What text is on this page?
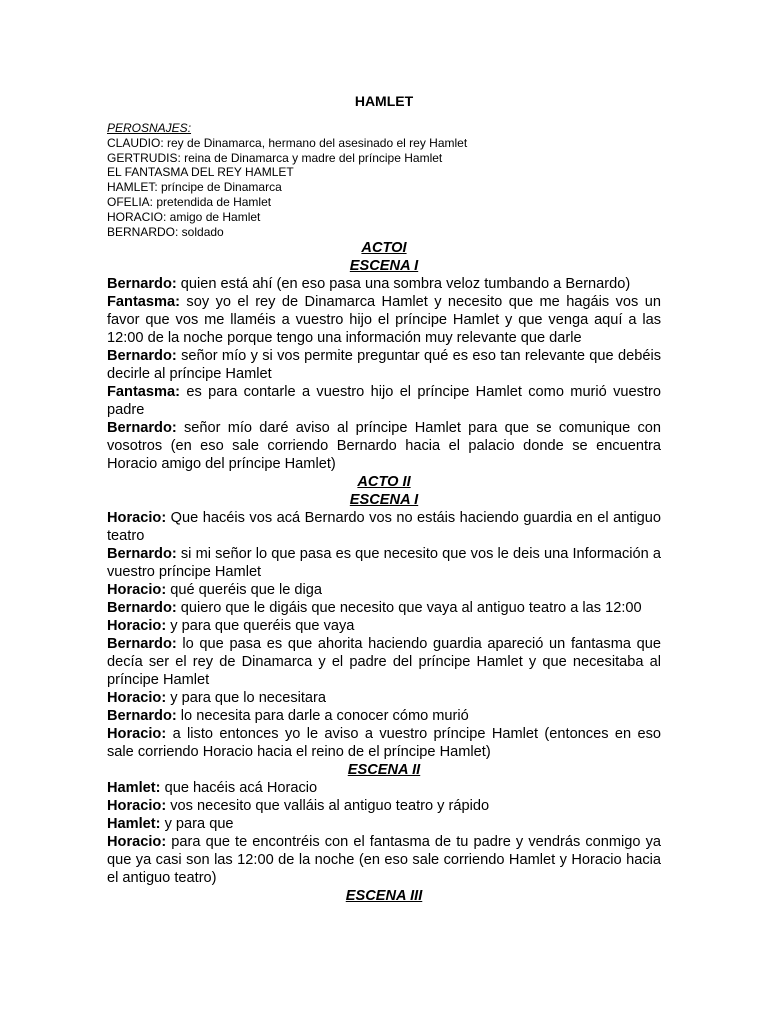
HAMLET
PEROSNAJES:
CLAUDIO: rey de Dinamarca, hermano del asesinado el rey Hamlet
GERTRUDIS: reina de Dinamarca y madre del príncipe Hamlet
EL FANTASMA DEL REY HAMLET
HAMLET: príncipe de Dinamarca
OFELIA: pretendida de Hamlet
HORACIO: amigo de Hamlet
BERNARDO: soldado
ACTOI
ESCENA I
Bernardo: quien está ahí (en eso pasa una sombra veloz tumbando a Bernardo)
Fantasma: soy yo el rey de Dinamarca Hamlet y necesito que me hagáis vos un favor que vos me llaméis a vuestro hijo el príncipe Hamlet y que venga aquí a las 12:00 de la noche porque tengo una información muy relevante que darle
Bernardo: señor mío y si vos permite preguntar qué es eso tan relevante que debéis decirle al príncipe Hamlet
Fantasma: es para contarle a vuestro hijo el príncipe Hamlet como murió vuestro padre
Bernardo: señor mío daré aviso al príncipe Hamlet para que se comunique con vosotros (en eso sale corriendo Bernardo hacia el palacio donde se encuentra Horacio amigo del príncipe Hamlet)
ACTO II
ESCENA I
Horacio: Que hacéis vos acá Bernardo vos no estáis haciendo guardia en el antiguo teatro
Bernardo: si mi señor lo que pasa es que necesito que vos le deis una Información a vuestro príncipe Hamlet
Horacio: qué queréis que le diga
Bernardo: quiero que le digáis que necesito que vaya al antiguo teatro a las 12:00
Horacio: y para que queréis que vaya
Bernardo: lo que pasa es que ahorita haciendo guardia apareció un fantasma que decía ser el rey de Dinamarca y el padre del príncipe Hamlet y que necesitaba al príncipe Hamlet
Horacio: y para que lo necesitara
Bernardo: lo necesita para darle a conocer cómo murió
Horacio: a listo entonces yo le aviso a vuestro príncipe Hamlet (entonces en eso sale corriendo Horacio hacia el reino de el príncipe Hamlet)
ESCENA II
Hamlet: que hacéis acá Horacio
Horacio: vos necesito que valláis al antiguo teatro y rápido
Hamlet: y para que
Horacio: para que te encontréis con el fantasma de tu padre y vendrás conmigo ya que ya casi son las 12:00 de la noche (en eso sale corriendo Hamlet y Horacio hacia el antiguo teatro)
ESCENA III
